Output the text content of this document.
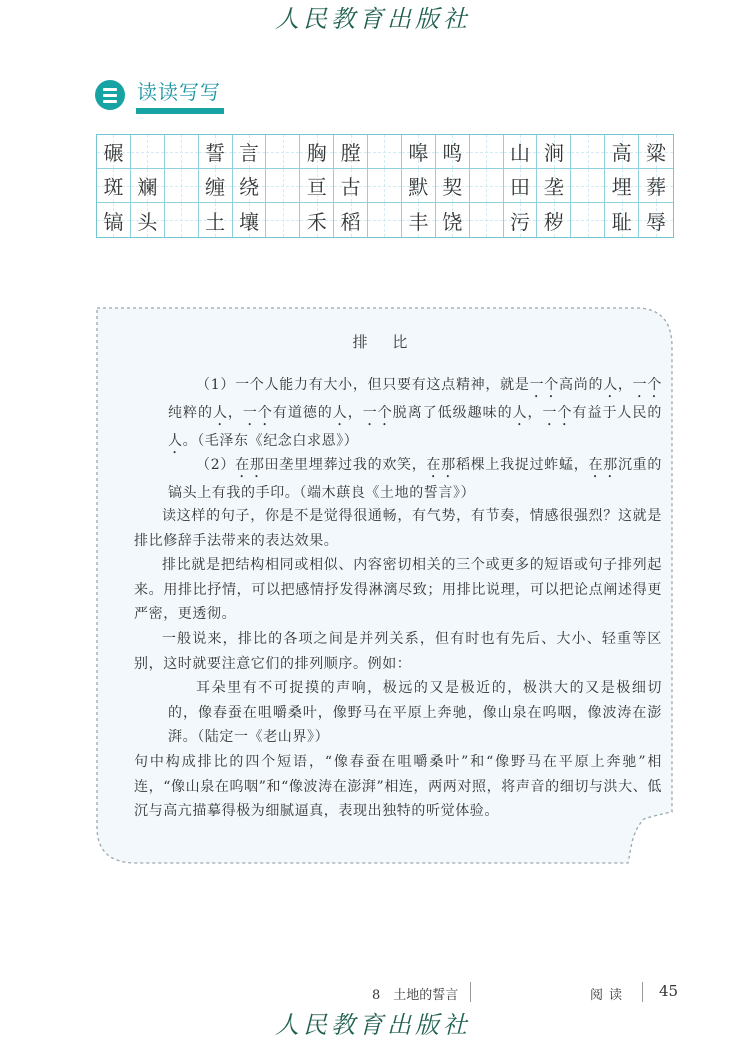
人民教育出版社
读读写写
碾	誓 言 胸 膛 嗥 鸣 山 涧 高 粱
斑 斓 缠 绕 亘 古 默 契 田 垄 埋 葬
镐 头 土 壤 禾 稻 丰 饶 污 秽 耻 辱
排 比
（1）一个人能力有大小，但只要有这点精神，就是一个高尚的人，一个纯粹的人，一个有道德的人，一个脱离了低级趣味的人，一个有益于人民的人。（毛泽东《纪念白求恩》）
（2）在那田垄里埋葬过我的欢笑，在那稻棵上我捉过蚱蜢，在那沉重的镐头上有我的手印。（端木蕻良《土地的誓言》）
读这样的句子，你是不是觉得很通畅，有气势，有节奏，情感很强烈？这就是排比修辞手法带来的表达效果。
排比就是把结构相同或相似、内容密切相关的三个或更多的短语或句子排列起来。用排比抒情，可以把感情抒发得淋漓尽致；用排比说理，可以把论点阐述得更严密，更透彻。
一般说来，排比的各项之间是并列关系，但有时也有先后、大小、轻重等区别，这时就要注意它们的排列顺序。例如：
耳朵里有不可捉摸的声响，极远的又是极近的，极洪大的又是极细切的，像春蚕在咀嚼桑叶，像野马在平原上奔驰，像山泉在呜咽，像波涛在澎湃。（陆定一《老山界》）
句中构成排比的四个短语，“像春蚕在咀嚼桑叶”和“像野马在平原上奔驰”相连，“像山泉在呜咽”和“像波涛在澎湃”相连，两两对照，将声音的细切与洪大、低沉与高亢描摹得极为细腻逼真，表现出独特的听觉体验。
8　土地的誓言	阅读 45
人民教育出版社
